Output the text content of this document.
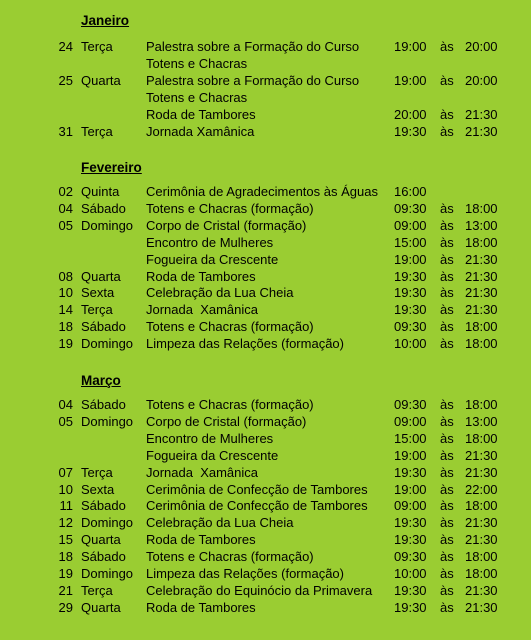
Janeiro
24 Terça	Palestra sobre a Formação do Curso	19:00 às 20:00
Totens e Chacras
25 Quarta Palestra sobre a Formação do Curso	19:00 às 20:00
Totens e Chacras
Roda de Tambores	20:00 às 21:30
31 Terça	Jornada Xamânica	19:30 às 21:30
Fevereiro
02 Quinta Cerimônia de Agradecimentos às Águas 16:00
04 Sábado Totens e Chacras (formação)	09:30 às 18:00
05 Domingo Corpo de Cristal (formação)	09:00 às 13:00
Encontro de Mulheres	15:00 às 18:00
Fogueira da Crescente	19:00 às 21:30
08 Quarta Roda de Tambores	19:30 às 21:30
10 Sexta Celebração da Lua Cheia	19:30 às 21:30
14 Terça	Jornada  Xamânica	19:30 às 21:30
18 Sábado Totens e Chacras (formação)	09:30 às 18:00
19 Domingo Limpeza das Relações (formação)	10:00 às 18:00
Março
04 Sábado Totens e Chacras (formação)	09:30 às 18:00
05 Domingo Corpo de Cristal (formação)	09:00 às 13:00
Encontro de Mulheres	15:00 às 18:00
Fogueira da Crescente	19:00 às 21:30
07 Terça	Jornada  Xamânica	19:30 às 21:30
10 Sexta Cerimônia de Confecção de Tambores 19:00 às 22:00
11 Sábado Cerimônia de Confecção de Tambores 09:00 às 18:00
12 Domingo Celebração da Lua Cheia	19:30 às 21:30
15 Quarta Roda de Tambores	19:30 às 21:30
18 Sábado Totens e Chacras (formação)	09:30 às 18:00
19 Domingo Limpeza das Relações (formação)	10:00 às 18:00
21 Terça	Celebração do Equinócio da Primavera 19:30 às 21:30
29 Quarta Roda de Tambores	19:30 às 21:30
